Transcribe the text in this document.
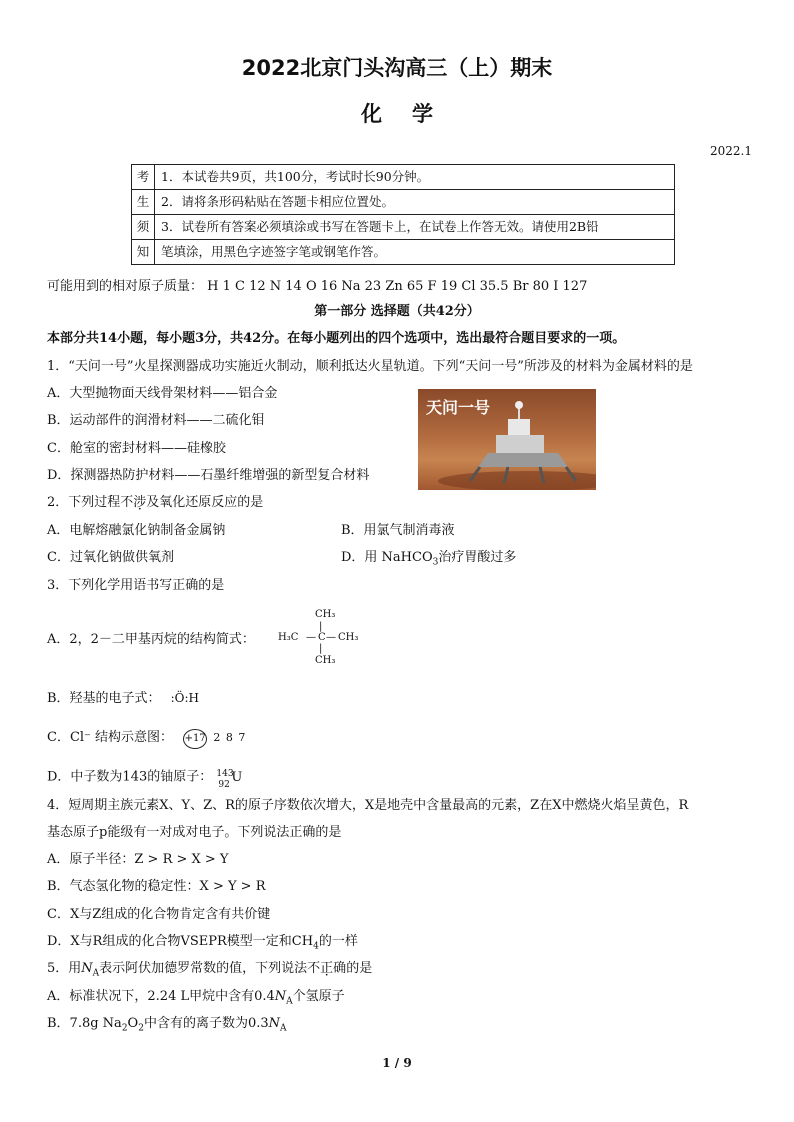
2022北京门头沟高三（上）期末
化学
2022.1
考	1．本试卷共9页，共100分，考试时长90分钟。
生	2．请将条形码粘贴在答题卡相应位置处。
须	3．试卷所有答案必须填涂或书写在答题卡上，在试卷上作答无效。请使用2B铅
知	笔填涂，用黑色字迹签字笔或钢笔作答。
可能用到的相对原子质量： H 1 C 12 N 14 O 16 Na 23 Zn 65 F 19 Cl 35.5 Br 80 I 127
第一部分 选择题（共42分）
本部分共14小题，每小题3分，共42分。在每小题列出的四个选项中，选出最符合题目要求的一项。
1．“天问一号”火星探测器成功实施近火制动，顺利抵达火星轨道。下列“天问一号”所涉及的材料为金属材料的是
A．大型抛物面天线骨架材料——铝合金
B．运动部件的润滑材料——二硫化钼
C．舱室的密封材料——硅橡胶
D．探测器热防护材料——石墨纤维增强的新型复合材料
天问一号
2．下列过程不涉及氧化还原反应的是
A．电解熔融氯化钠制备金属钠	B．用氯气制消毒液
C．过氧化钠做供氧剂	D．用 NaHCO$_3$治疗胃酸过多
3．下列化学用语书写正确的是
A．2，2－二甲基丙烷的结构简式：
CH₃
H₃C — C — CH₃
|
|
CH₃
B．羟基的电子式： :Ö:H
C．Cl⁻ 结构示意图： +17 2 8 7
D．中子数为143的铀原子： 143
92 U
4．短周期主族元素X、Y、Z、R的原子序数依次增大，X是地壳中含量最高的元素，Z在X中燃烧火焰呈黄色，R
基态原子p能级有一对成对电子。下列说法正确的是
A．原子半径：Z > R > X > Y
B．气态氢化物的稳定性：X > Y > R
C．X与Z组成的化合物肯定含有共价键
D．X与R组成的化合物VSEPR模型一定和$CH_4$的一样
5．用$N_A$表示阿伏加德罗常数的值，下列说法不正确的是
A．标准状况下，2.24 L甲烷中含有$0.4N_A$个氢原子
B．7.8g $Na_2O_2$中含有的离子数为$0.3N_A$
1 / 9
